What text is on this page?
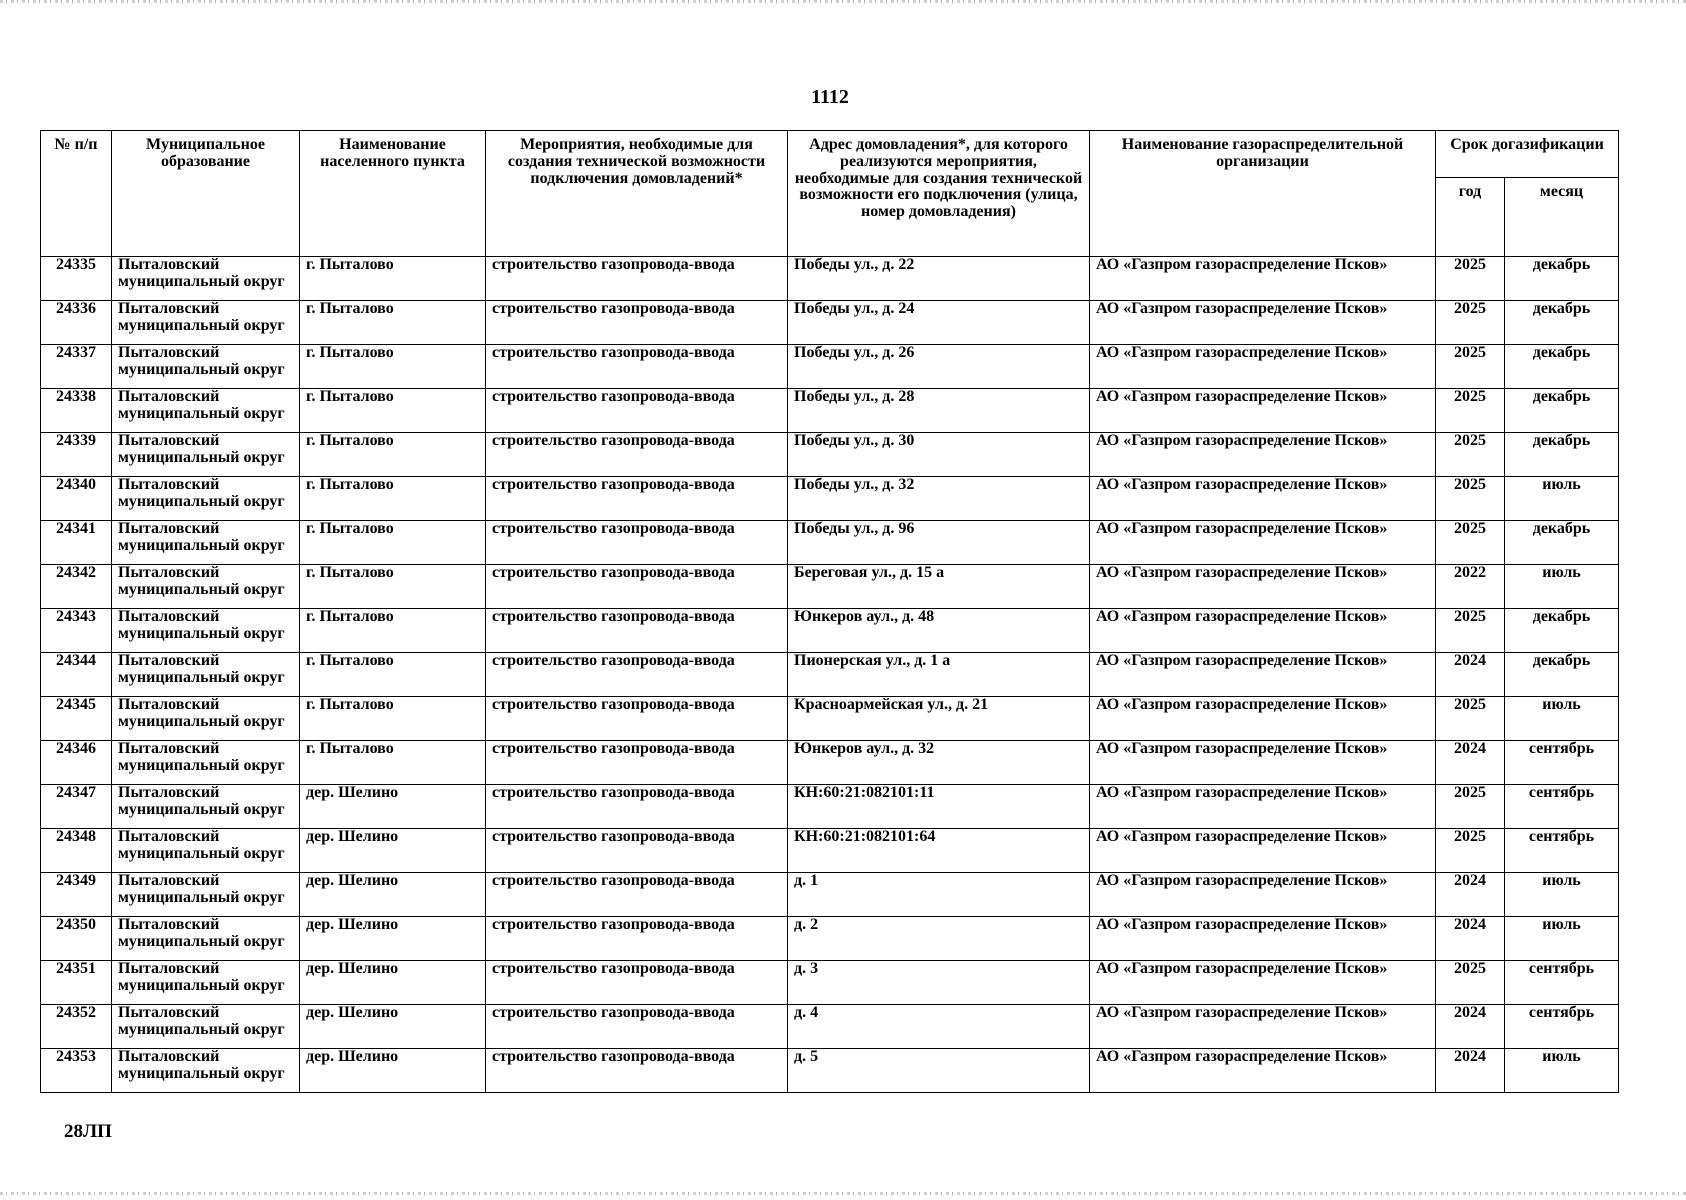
1112
№ п/п	Муниципальное образование	Наименование населенного пункта	Мероприятия, необходимые для создания технической возможности подключения домовладений*	Адрес домовладения*, для которого реализуются мероприятия, необходимые для создания технической возможности его подключения (улица, номер домовладения)	Наименование газораспределительной организации	Срок догазификации	
						год	месяц
24335	Пыталовский муниципальный округ	г. Пыталово	строительство газопровода-ввода	Победы ул., д. 22	АО «Газпром газораспределение Псков»	2025	декабрь
24336	Пыталовский муниципальный округ	г. Пыталово	строительство газопровода-ввода	Победы ул., д. 24	АО «Газпром газораспределение Псков»	2025	декабрь
24337	Пыталовский муниципальный округ	г. Пыталово	строительство газопровода-ввода	Победы ул., д. 26	АО «Газпром газораспределение Псков»	2025	декабрь
24338	Пыталовский муниципальный округ	г. Пыталово	строительство газопровода-ввода	Победы ул., д. 28	АО «Газпром газораспределение Псков»	2025	декабрь
24339	Пыталовский муниципальный округ	г. Пыталово	строительство газопровода-ввода	Победы ул., д. 30	АО «Газпром газораспределение Псков»	2025	декабрь
24340	Пыталовский муниципальный округ	г. Пыталово	строительство газопровода-ввода	Победы ул., д. 32	АО «Газпром газораспределение Псков»	2025	июль
24341	Пыталовский муниципальный округ	г. Пыталово	строительство газопровода-ввода	Победы ул., д. 96	АО «Газпром газораспределение Псков»	2025	декабрь
24342	Пыталовский муниципальный округ	г. Пыталово	строительство газопровода-ввода	Береговая ул., д. 15 а	АО «Газпром газораспределение Псков»	2022	июль
24343	Пыталовский муниципальный округ	г. Пыталово	строительство газопровода-ввода	Юнкеров аул., д. 48	АО «Газпром газораспределение Псков»	2025	декабрь
24344	Пыталовский муниципальный округ	г. Пыталово	строительство газопровода-ввода	Пионерская ул., д. 1 а	АО «Газпром газораспределение Псков»	2024	декабрь
24345	Пыталовский муниципальный округ	г. Пыталово	строительство газопровода-ввода	Красноармейская ул., д. 21	АО «Газпром газораспределение Псков»	2025	июль
24346	Пыталовский муниципальный округ	г. Пыталово	строительство газопровода-ввода	Юнкеров аул., д. 32	АО «Газпром газораспределение Псков»	2024	сентябрь
24347	Пыталовский муниципальный округ	дер. Шелино	строительство газопровода-ввода	КН:60:21:082101:11	АО «Газпром газораспределение Псков»	2025	сентябрь
24348	Пыталовский муниципальный округ	дер. Шелино	строительство газопровода-ввода	КН:60:21:082101:64	АО «Газпром газораспределение Псков»	2025	сентябрь
24349	Пыталовский муниципальный округ	дер. Шелино	строительство газопровода-ввода	д. 1	АО «Газпром газораспределение Псков»	2024	июль
24350	Пыталовский муниципальный округ	дер. Шелино	строительство газопровода-ввода	д. 2	АО «Газпром газораспределение Псков»	2024	июль
24351	Пыталовский муниципальный округ	дер. Шелино	строительство газопровода-ввода	д. 3	АО «Газпром газораспределение Псков»	2025	сентябрь
24352	Пыталовский муниципальный округ	дер. Шелино	строительство газопровода-ввода	д. 4	АО «Газпром газораспределение Псков»	2024	сентябрь
24353	Пыталовский муниципальный округ	дер. Шелино	строительство газопровода-ввода	д. 5	АО «Газпром газораспределение Псков»	2024	июль
28ЛП
